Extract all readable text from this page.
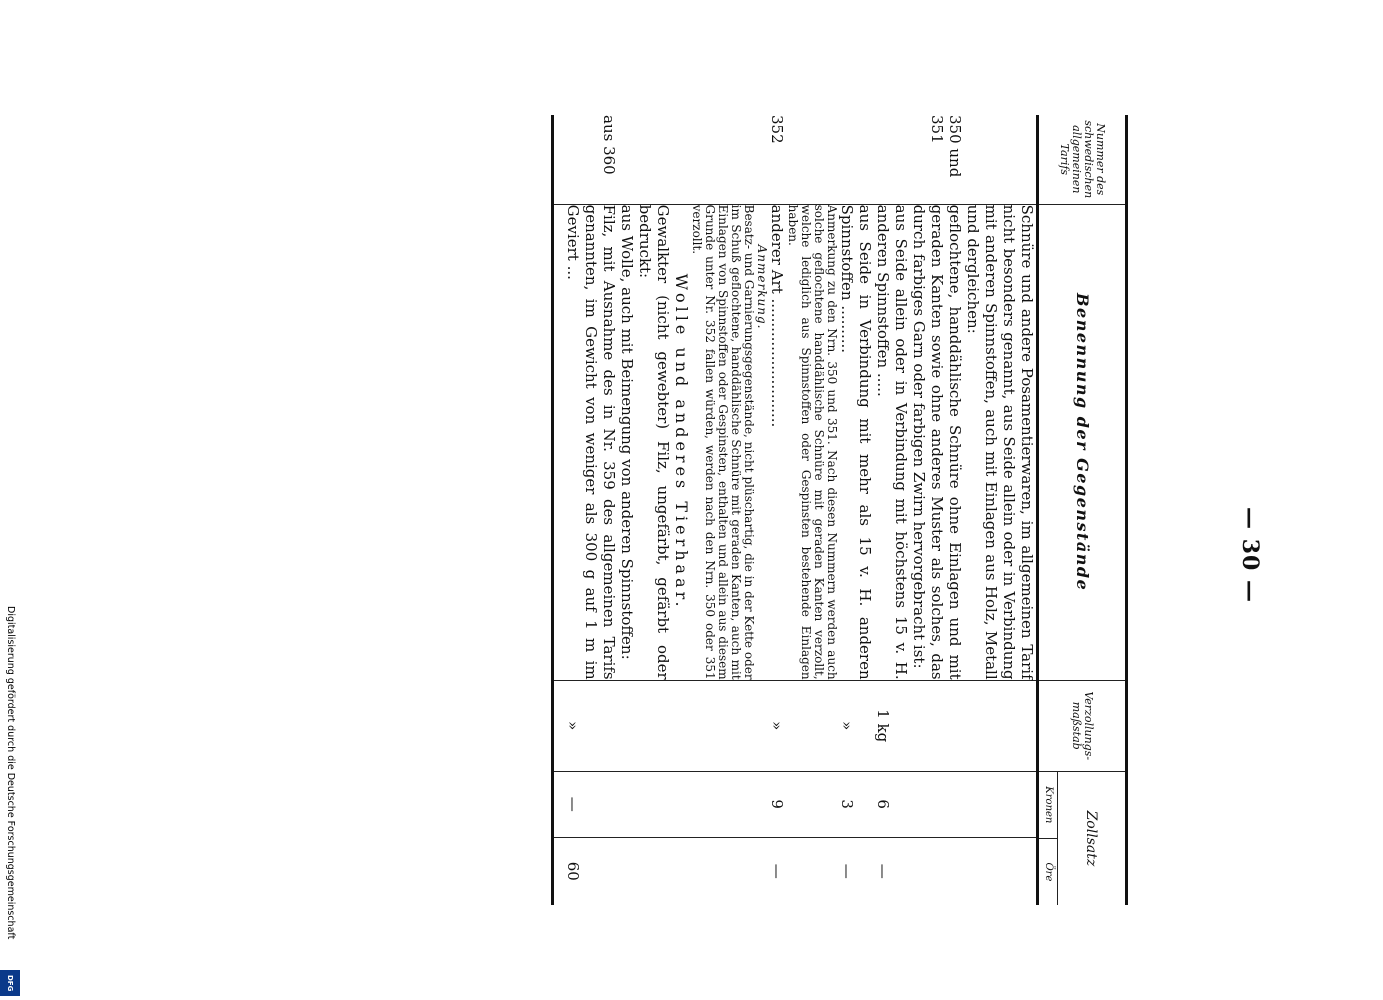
— 30 —
Nummer des schwedischen allgemeinen Tarifs	Benennung der Gegenstände	Verzollungs-maßstab	Zollsatz
Kronen
Öre	

	Schnüre und andere Posamentierwaren, im allgemeinen Tarif nicht besonders genannt, aus Seide allein oder in Verbindung mit anderen Spinnstoffen, auch mit Einlagen aus Holz, Metall und dergleichen:			
350 und 351	geflochtene, handdählische Schnüre ohne Einlagen und mit geraden Kanten sowie ohne anderes Muster als solches, das durch farbiges Garn oder farbigen Zwirn hervorgebracht ist:			
	aus Seide allein oder in Verbindung mit höchstens 15 v. H. anderen Spinnstoffen .....	1 kg	6	—
	aus Seide in Verbindung mit mehr als 15 v. H. anderen Spinnstoffen ..........	»	3	—
	Anmerkung zu den Nrn. 350 und 351. Nach diesen Nummern werden auch solche geflochtene handdählische Schnüre mit geraden Kanten verzollt, welche lediglich aus Spinnstoffen oder Gespinsten bestehende Einlagen haben.			
352	anderer Art ...........................	»	9	—

	Anmerkung.
Besatz- und Garnierungsgegenstände, nicht plüschartig, die in der Kette oder im Schuß geflochtene, handdählische Schnüre mit geraden Kanten, auch mit Einlagen von Spinnstoffen oder Gespinsten, enthalten und allein aus diesem Grunde unter Nr. 352 fallen würden, werden nach den Nrn. 350 oder 351 verzollt.			

	Wolle und anderes Tierhaar.			
	Gewalkter (nicht gewebter) Filz, ungefärbt, gefärbt oder bedruckt:			
	aus Wolle, auch mit Beimengung von anderen Spinnstoffen:			
aus 360	Filz, mit Ausnahme des in Nr. 359 des allgemeinen Tarifs genannten, im Gewicht von weniger als 300 g auf 1 m im Geviert ...	»	—	60
Digitalisierung gefördert durch die Deutsche Forschungsgemeinschaft
DFG
